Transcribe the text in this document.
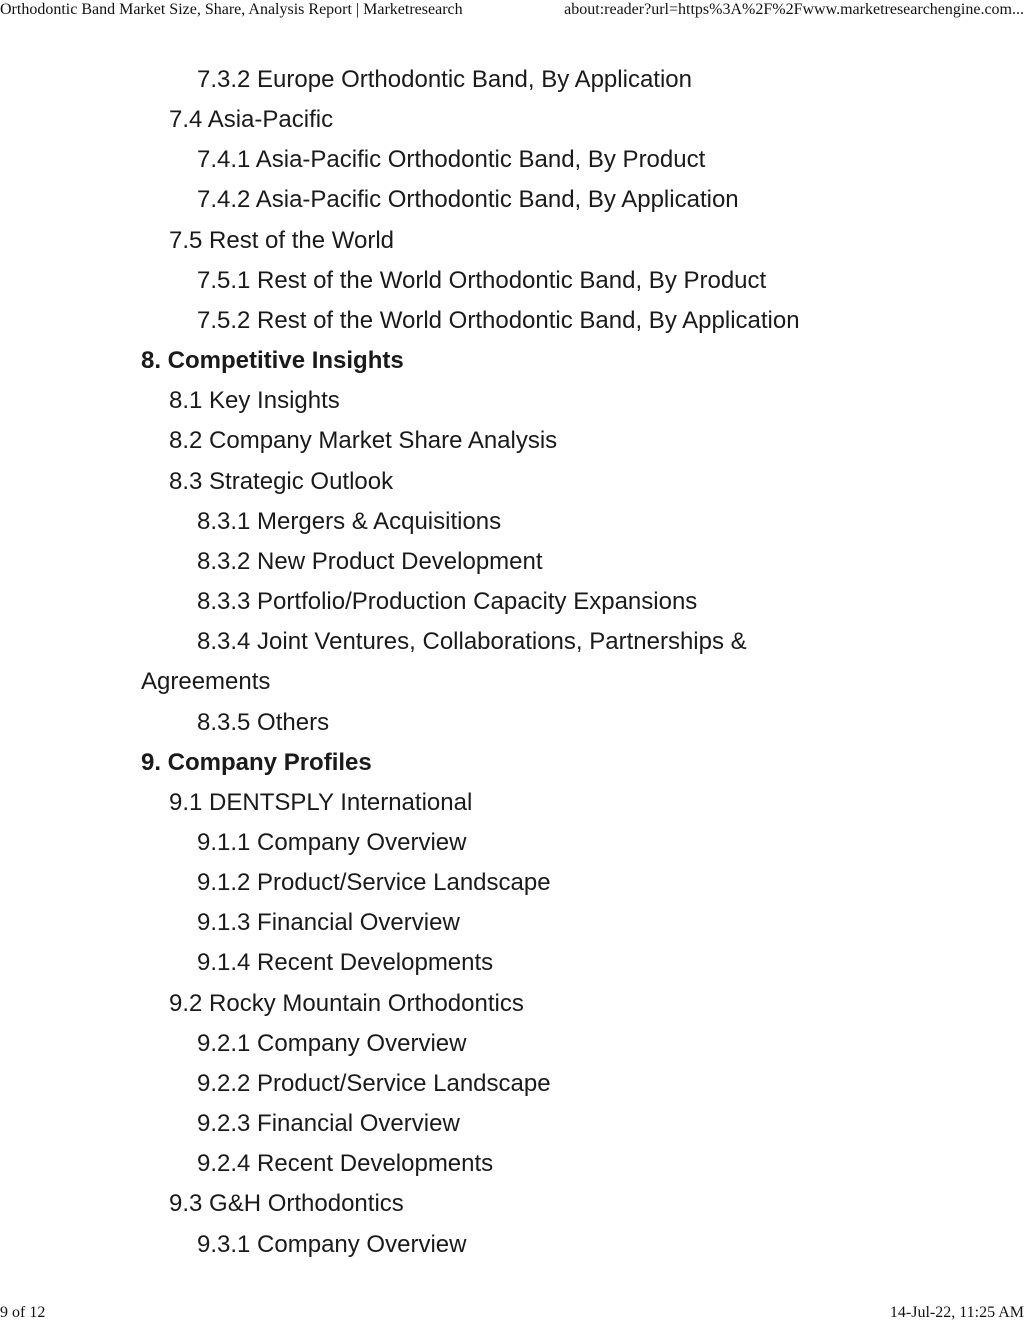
Orthodontic Band Market Size, Share, Analysis Report | Marketresearch	about:reader?url=https%3A%2F%2Fwww.marketresearchengine.com...
7.3.2 Europe Orthodontic Band, By Application
7.4 Asia-Pacific
7.4.1 Asia-Pacific Orthodontic Band, By Product
7.4.2 Asia-Pacific Orthodontic Band, By Application
7.5 Rest of the World
7.5.1 Rest of the World Orthodontic Band, By Product
7.5.2 Rest of the World Orthodontic Band, By Application
8. Competitive Insights
8.1 Key Insights
8.2 Company Market Share Analysis
8.3 Strategic Outlook
8.3.1 Mergers & Acquisitions
8.3.2 New Product Development
8.3.3 Portfolio/Production Capacity Expansions
8.3.4 Joint Ventures, Collaborations, Partnerships &
Agreements
8.3.5 Others
9. Company Profiles
9.1 DENTSPLY International
9.1.1 Company Overview
9.1.2 Product/Service Landscape
9.1.3 Financial Overview
9.1.4 Recent Developments
9.2 Rocky Mountain Orthodontics
9.2.1 Company Overview
9.2.2 Product/Service Landscape
9.2.3 Financial Overview
9.2.4 Recent Developments
9.3 G&H Orthodontics
9.3.1 Company Overview
9 of 12	14-Jul-22, 11:25 AM
